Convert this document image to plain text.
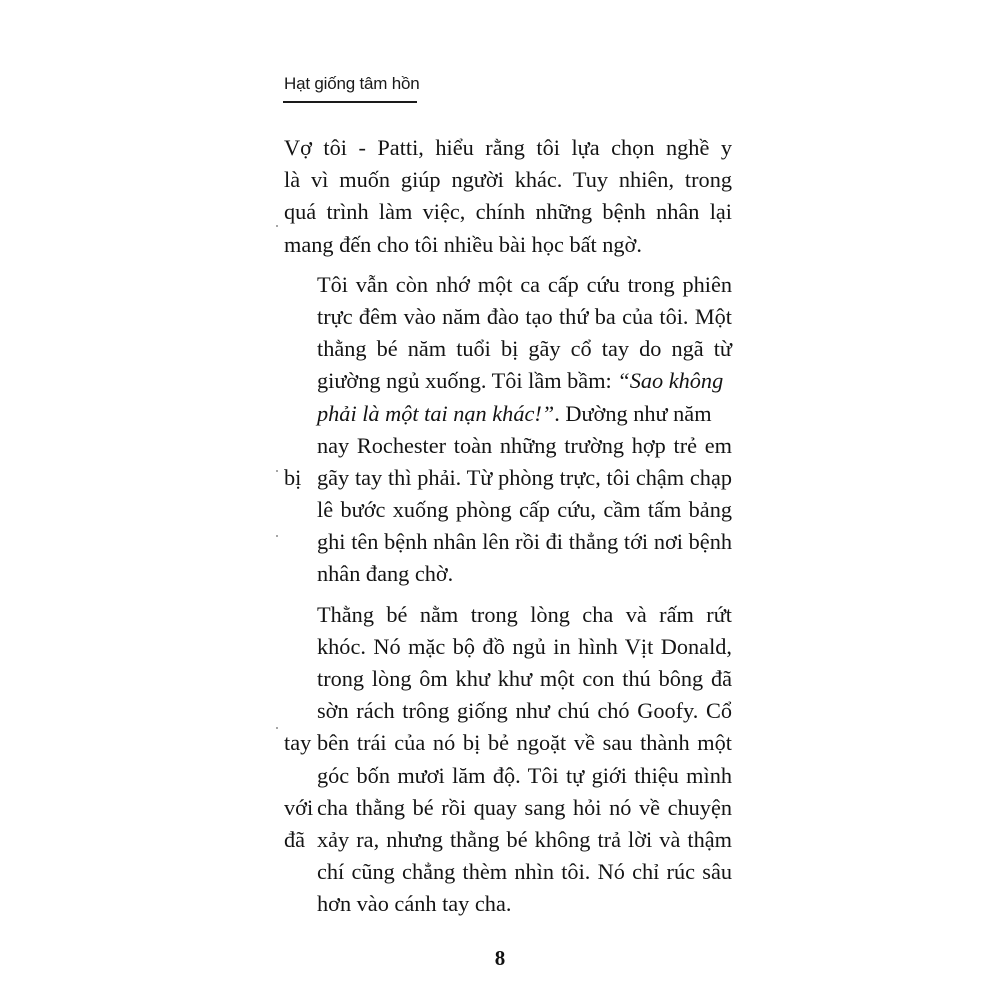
Hạt giống tâm hồn
Vợ tôi - Patti, hiểu rằng tôi lựa chọn nghề y
là vì muốn giúp người khác. Tuy nhiên, trong
quá trình làm việc, chính những bệnh nhân lại
mang đến cho tôi nhiều bài học bất ngờ.
Tôi vẫn còn nhớ một ca cấp cứu trong phiên
trực đêm vào năm đào tạo thứ ba của tôi. Một
thằng bé năm tuổi bị gãy cổ tay do ngã từ
giường ngủ xuống. Tôi lầm bầm: “Sao không
phải là một tai nạn khác!”. Dường như năm
nay Rochester toàn những trường hợp trẻ em bị gãy tay thì phải. Từ phòng trực, tôi chậm chạp
lê bước xuống phòng cấp cứu, cầm tấm bảng
ghi tên bệnh nhân lên rồi đi thẳng tới nơi bệnh
nhân đang chờ.
Thằng bé nằm trong lòng cha và rấm rứt
khóc. Nó mặc bộ đồ ngủ in hình Vịt Donald,
trong lòng ôm khư khư một con thú bông đã
sờn rách trông giống như chú chó Goofy. Cổ tay bên trái của nó bị bẻ ngoặt về sau thành một
góc bốn mươi lăm độ. Tôi tự giới thiệu mình với cha thằng bé rồi quay sang hỏi nó về chuyện đã xảy ra, nhưng thằng bé không trả lời và thậm
chí cũng chẳng thèm nhìn tôi. Nó chỉ rúc sâu
hơn vào cánh tay cha.
8
